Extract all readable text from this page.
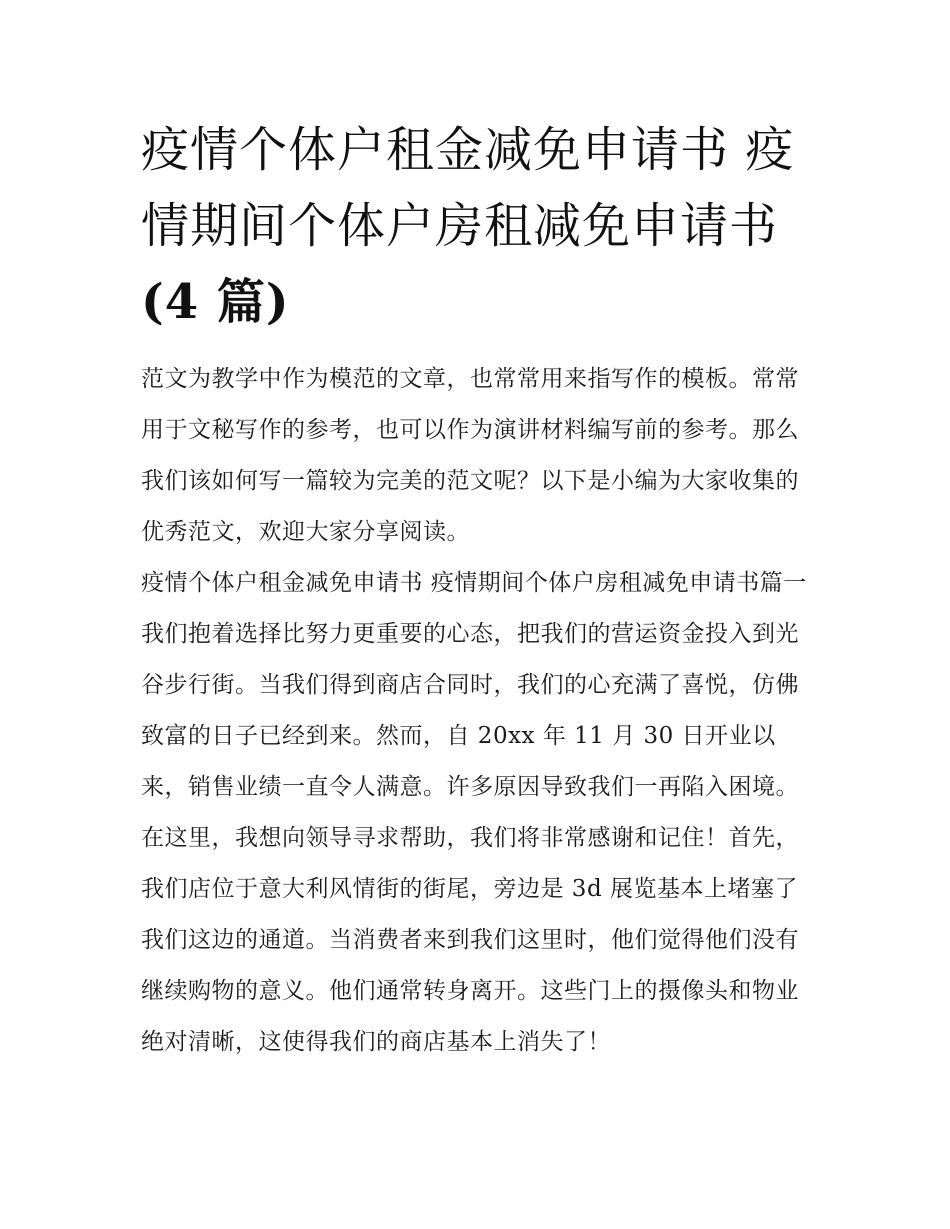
疫情个体户租金减免申请书 疫情期间个体户房租减免申请书
(4 篇)

范文为教学中作为模范的文章，也常常用来指写作的模板。常常用于文秘写作的参考，也可以作为演讲材料编写前的参考。那么我们该如何写一篇较为完美的范文呢？以下是小编为大家收集的优秀范文，欢迎大家分享阅读。

疫情个体户租金减免申请书 疫情期间个体户房租减免申请书篇一

我们抱着选择比努力更重要的心态，把我们的营运资金投入到光谷步行街。当我们得到商店合同时，我们的心充满了喜悦，仿佛致富的日子已经到来。然而，自 20xx 年 11 月 30 日开业以来，销售业绩一直令人满意。许多原因导致我们一再陷入困境。在这里，我想向领导寻求帮助，我们将非常感谢和记住！首先，我们店位于意大利风情街的街尾，旁边是 3d 展览基本上堵塞了我们这边的通道。当消费者来到我们这里时，他们觉得他们没有继续购物的意义。他们通常转身离开。这些门上的摄像头和物业绝对清晰，这使得我们的商店基本上消失了！
